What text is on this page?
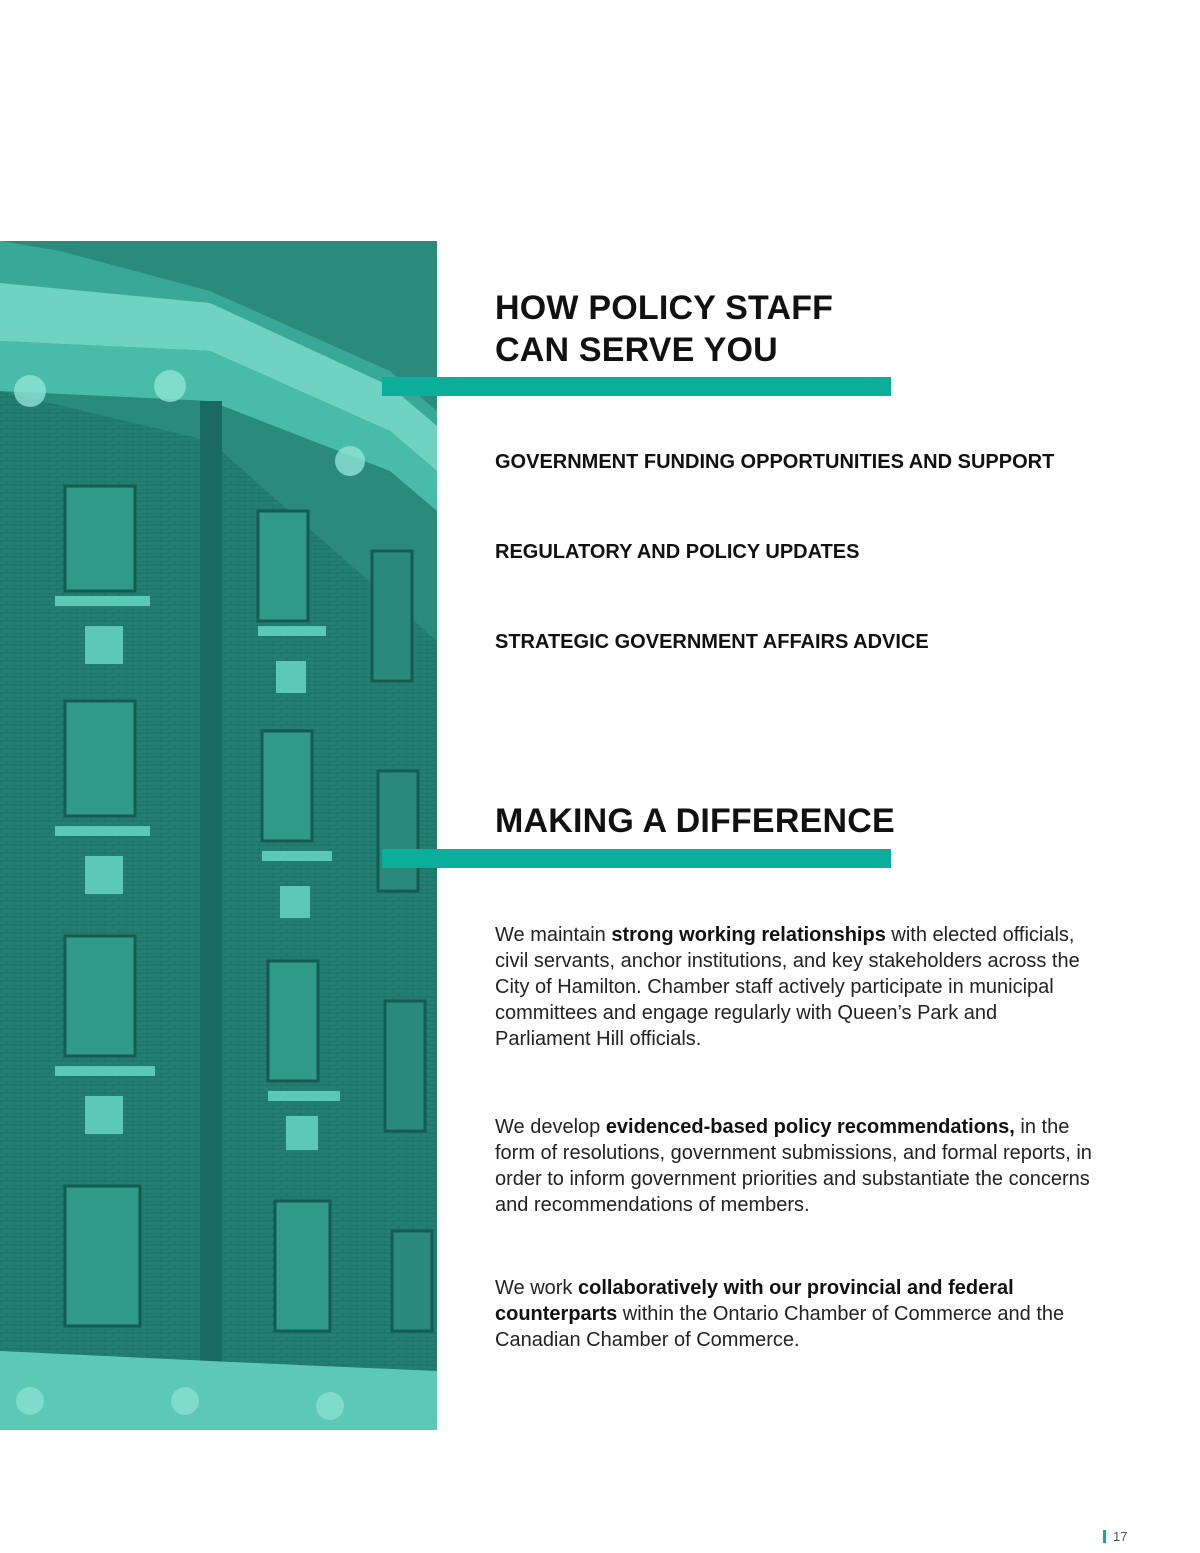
HOW POLICY STAFF
CAN SERVE YOU

GOVERNMENT FUNDING OPPORTUNITIES AND SUPPORT

REGULATORY AND POLICY UPDATES

STRATEGIC GOVERNMENT AFFAIRS ADVICE

MAKING A DIFFERENCE

We maintain strong working relationships with elected officials, civil servants, anchor institutions, and key stakeholders across the City of Hamilton. Chamber staff actively participate in municipal committees and engage regularly with Queen’s Park and Parliament Hill officials.

We develop evidenced-based policy recommendations, in the form of resolutions, government submissions, and formal reports, in order to inform government priorities and substantiate the concerns and recommendations of members.

We work collaboratively with our provincial and federal counterparts within the Ontario Chamber of Commerce and the Canadian Chamber of Commerce.

17
